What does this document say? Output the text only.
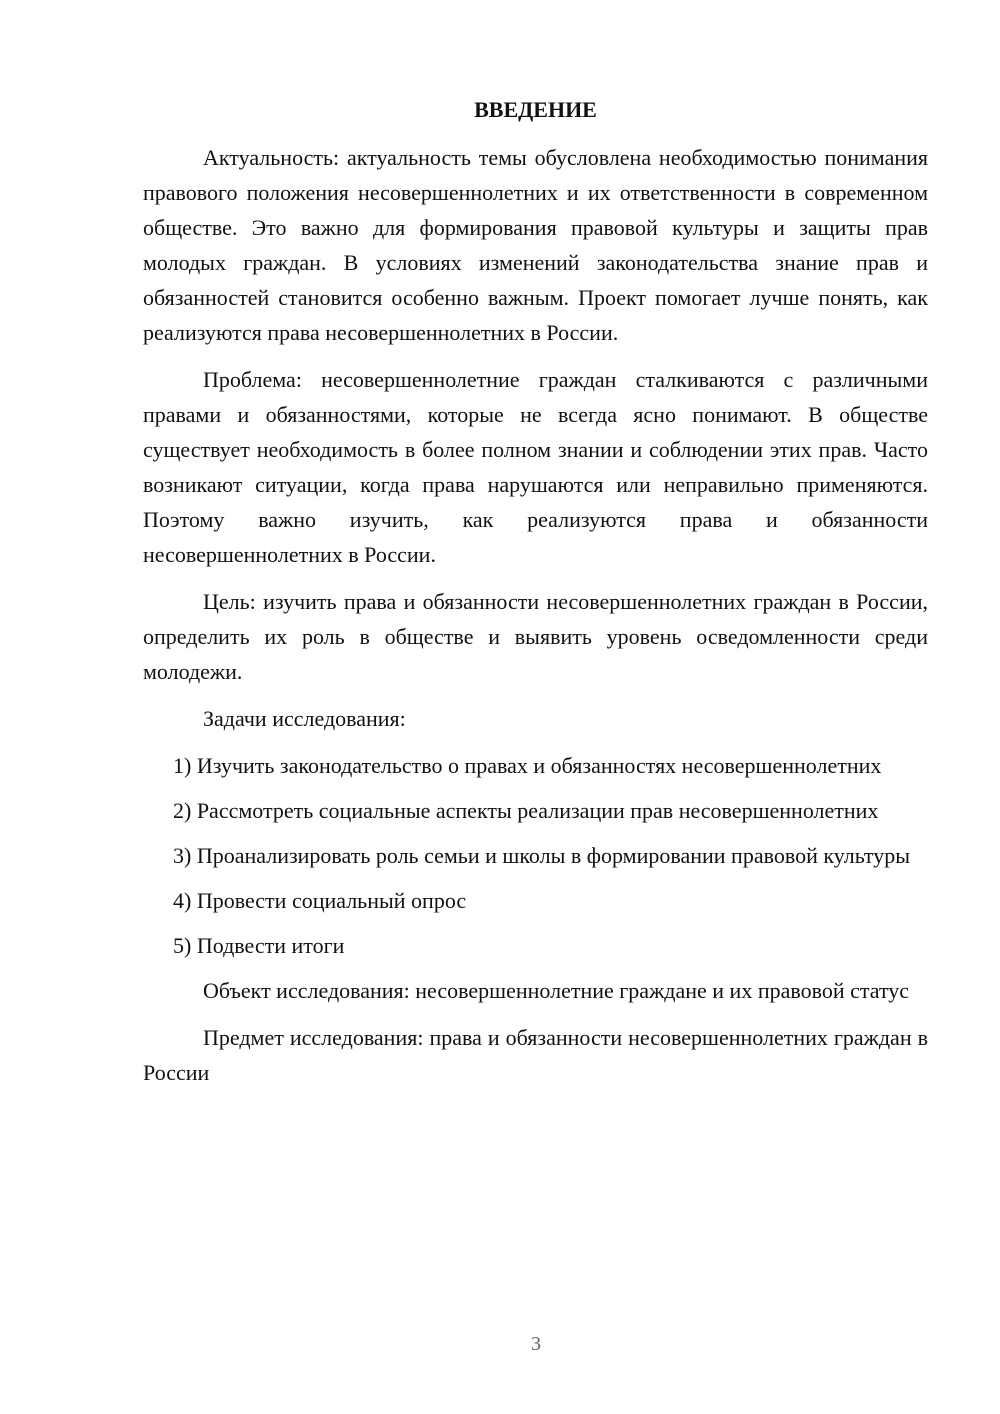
ВВЕДЕНИЕ

Актуальность: актуальность темы обусловлена необходимостью понимания правового положения несовершеннолетних и их ответственности в современном обществе. Это важно для формирования правовой культуры и защиты прав молодых граждан. В условиях изменений законодательства знание прав и обязанностей становится особенно важным. Проект помогает лучше понять, как реализуются права несовершеннолетних в России.

Проблема: несовершеннолетние граждан сталкиваются с различными правами и обязанностями, которые не всегда ясно понимают. В обществе существует необходимость в более полном знании и соблюдении этих прав. Часто возникают ситуации, когда права нарушаются или неправильно применяются. Поэтому важно изучить, как реализуются права и обязанности несовершеннолетних в России.

Цель: изучить права и обязанности несовершеннолетних граждан в России, определить их роль в обществе и выявить уровень осведомленности среди молодежи.

Задачи исследования:

1) Изучить законодательство о правах и обязанностях несовершеннолетних

2) Рассмотреть социальные аспекты реализации прав несовершеннолетних

3) Проанализировать роль семьи и школы в формировании правовой культуры

4) Провести социальный опрос

5) Подвести итоги

Объект исследования: несовершеннолетние граждане и их правовой статус

Предмет исследования: права и обязанности несовершеннолетних граждан в России

3
